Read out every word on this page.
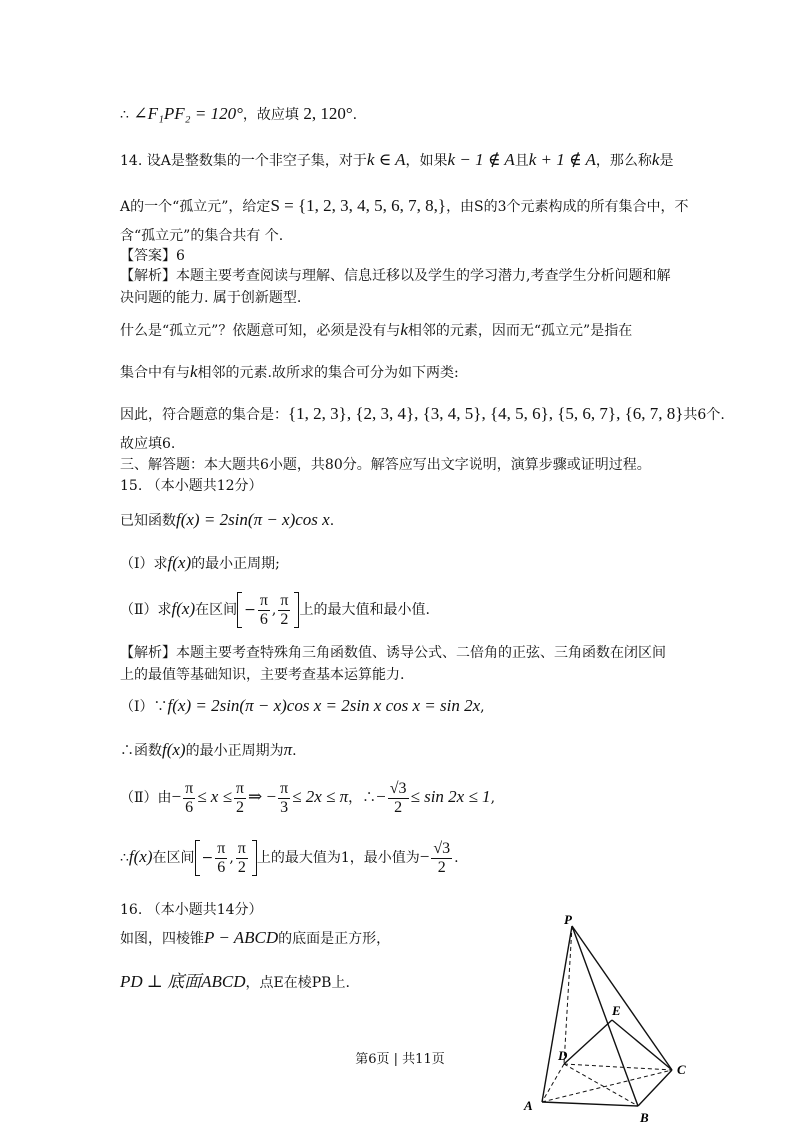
∴ ∠F₁PF₂ = 120°，故应填 2, 120°.
14. 设A是整数集的一个非空子集，对于k ∈ A，如果k − 1 ∉ A且k + 1 ∉ A，那么称k是
A的一个“孤立元”，给定S = {1, 2, 3, 4, 5, 6, 7, 8,}，由S的3个元素构成的所有集合中，不
含“孤立元”的集合共有 个.
【答案】6
【解析】本题主要考查阅读与理解、信息迁移以及学生的学习潜力,考查学生分析问题和解
决问题的能力. 属于创新题型.
什么是“孤立元”？依题意可知，必须是没有与k相邻的元素，因而无“孤立元”是指在
集合中有与k相邻的元素.故所求的集合可分为如下两类:
因此，符合题意的集合是：{1, 2, 3}, {2, 3, 4}, {3, 4, 5}, {4, 5, 6}, {5, 6, 7}, {6, 7, 8}共6个.
故应填6.
三、解答题：本大题共6小题，共80分。解答应写出文字说明，演算步骤或证明过程。
15. （本小题共12分）
已知函数f(x) = 2sin(π − x)cos x.
（Ⅰ）求f(x)的最小正周期;
（Ⅱ）求f(x)在区间 − $\frac{\pi}{6}$ , $\frac{\pi}{2}$ 上的最大值和最小值.
【解析】本题主要考查特殊角三角函数值、诱导公式、二倍角的正弦、三角函数在闭区间
上的最值等基础知识，主要考查基本运算能力.
（Ⅰ）∵f(x) = 2sin(π − x)cos x = 2sin x cos x = sin 2x,
∴函数f(x)的最小正周期为π.
（Ⅱ）由− $\frac{\pi}{6} \le x \le \frac{\pi}{2}$ ⇒ − $\frac{\pi}{3} \le 2x \le \pi$，∴− $\frac{√3}{2} \le \sin 2x \le 1$,
∴f(x)在区间 − $\frac{\pi}{6}$ , $\frac{\pi}{2}$ 上的最大值为1，最小值为− $\frac{√3}{2}$ .
16. （本小题共14分）
如图，四棱锥P − ABCD的底面是正方形，
PD ⊥ 底面ABCD，点E在棱PB上.
P
E
D
C
A
B
第6页 | 共11页
